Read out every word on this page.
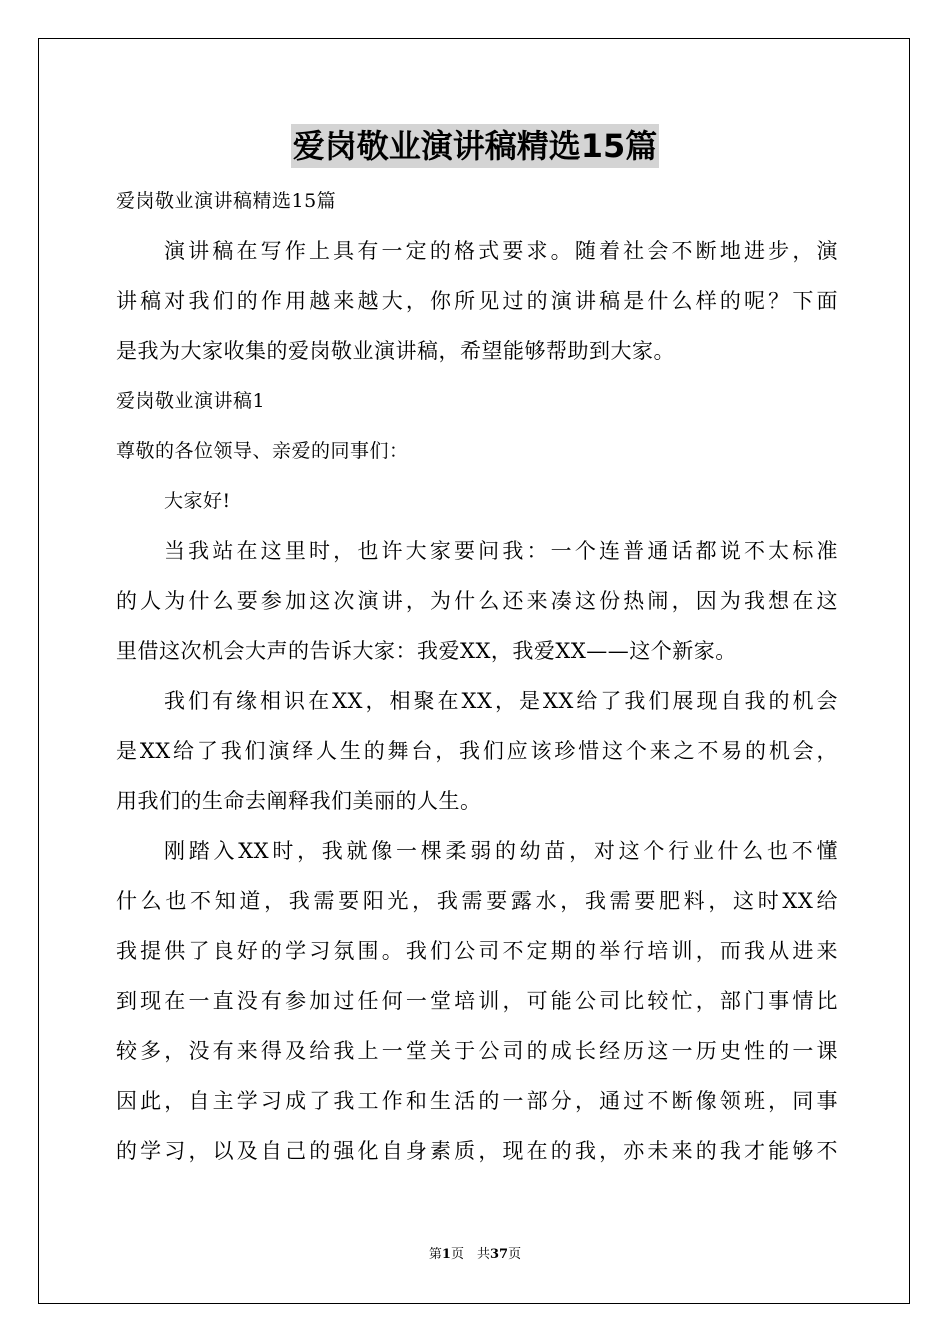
爱岗敬业演讲稿精选15篇
爱岗敬业演讲稿精选15篇
演讲稿在写作上具有一定的格式要求。随着社会不断地进步，演
讲稿对我们的作用越来越大，你所见过的演讲稿是什么样的呢？下面
是我为大家收集的爱岗敬业演讲稿，希望能够帮助到大家。
爱岗敬业演讲稿1
尊敬的各位领导、亲爱的同事们：
大家好!
当我站在这里时，也许大家要问我：一个连普通话都说不太标准
的人为什么要参加这次演讲，为什么还来凑这份热闹，因为我想在这
里借这次机会大声的告诉大家：我爱XX，我爱XX——这个新家。
我们有缘相识在XX，相聚在XX，是XX给了我们展现自我的机会
是XX给了我们演绎人生的舞台，我们应该珍惜这个来之不易的机会，
用我们的生命去阐释我们美丽的人生。
刚踏入XX时，我就像一棵柔弱的幼苗，对这个行业什么也不懂
什么也不知道，我需要阳光，我需要露水，我需要肥料，这时XX给
我提供了良好的学习氛围。我们公司不定期的举行培训，而我从进来
到现在一直没有参加过任何一堂培训，可能公司比较忙，部门事情比
较多，没有来得及给我上一堂关于公司的成长经历这一历史性的一课
因此，自主学习成了我工作和生活的一部分，通过不断像领班，同事
的学习，以及自己的强化自身素质，现在的我，亦未来的我才能够不
第1页　共37页
